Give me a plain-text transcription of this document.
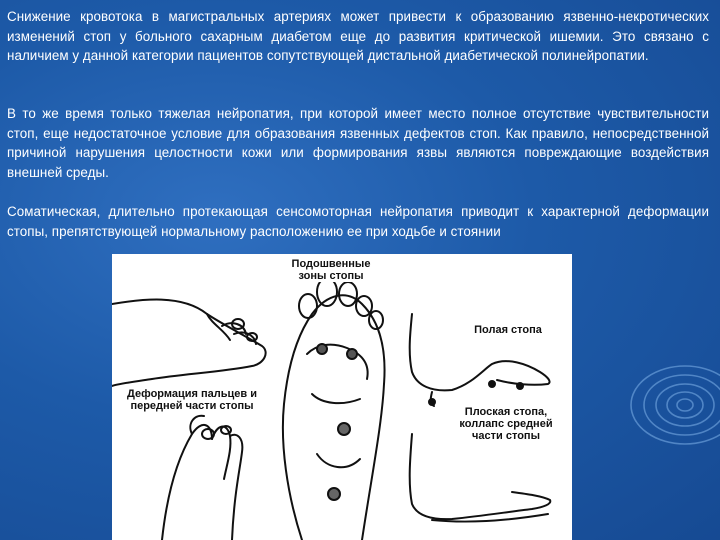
Снижение кровотока в магистральных артериях может привести к образованию язвенно-некротических изменений стоп у больного сахарным диабетом еще до развития критической ишемии. Это связано с наличием у данной категории пациентов сопутствующей дистальной диабетической полинейропатии.

В то же время только тяжелая нейропатия, при которой имеет место полное отсутствие чувствительности стоп, еще недостаточное условие для образования язвенных дефектов стоп. Как правило, непосредственной причиной нарушения целостности кожи или формирования язвы являются повреждающие воздействия внешней среды.

Соматическая, длительно протекающая сенсомоторная нейропатия приводит к характерной деформации стопы, препятствующей нормальному расположению ее при ходьбе и стоянии

Подошвенные зоны стопы
Полая стопа
Деформация пальцев и передней части стопы	Плоская стопа, коллапс средней части стопы
